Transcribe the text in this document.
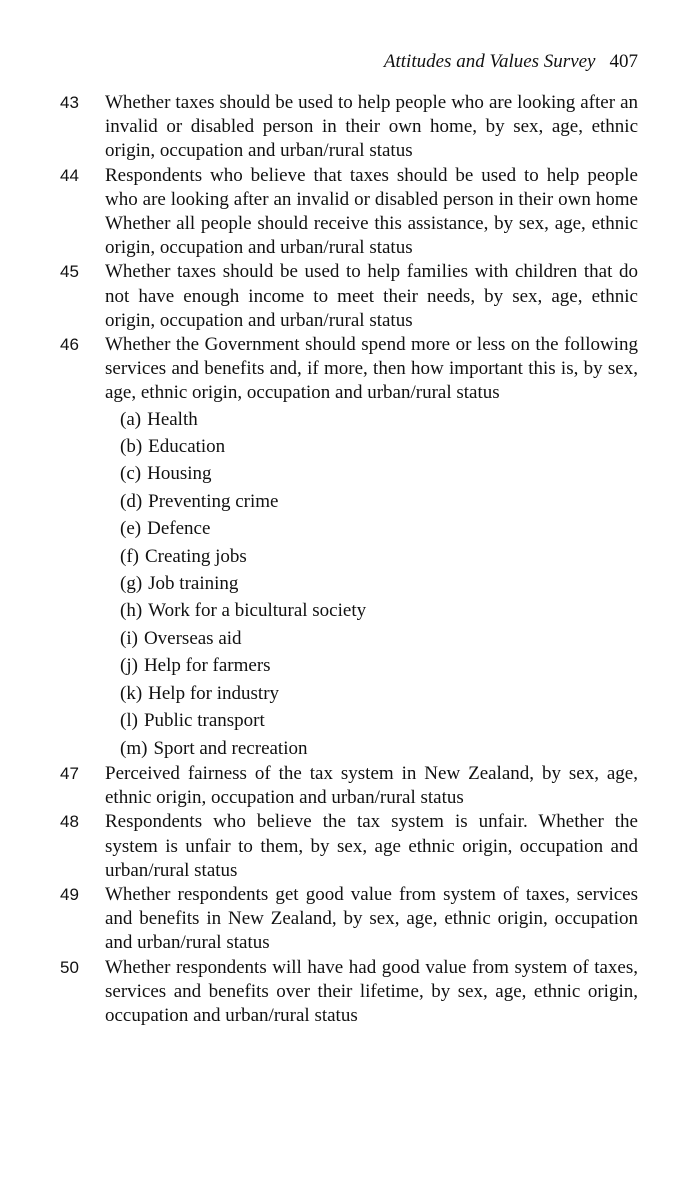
Attitudes and Values Survey 407
43 Whether taxes should be used to help people who are looking after an invalid or disabled person in their own home, by sex, age, ethnic origin, occupation and urban/rural status
44 Respondents who believe that taxes should be used to help people who are looking after an invalid or disabled person in their own home Whether all people should receive this assistance, by sex, age, ethnic origin, occupation and urban/rural status
45 Whether taxes should be used to help families with children that do not have enough income to meet their needs, by sex, age, ethnic origin, occupation and urban/rural status
46 Whether the Government should spend more or less on the following services and benefits and, if more, then how important this is, by sex, age, ethnic origin, occupation and urban/rural status
(a) Health
(b) Education
(c) Housing
(d) Preventing crime
(e) Defence
(f) Creating jobs
(g) Job training
(h) Work for a bicultural society
(i) Overseas aid
(j) Help for farmers
(k) Help for industry
(l) Public transport
(m) Sport and recreation
47 Perceived fairness of the tax system in New Zealand, by sex, age, ethnic origin, occupation and urban/rural status
48 Respondents who believe the tax system is unfair. Whether the system is unfair to them, by sex, age ethnic origin, occupation and urban/rural status
49 Whether respondents get good value from system of taxes, services and benefits in New Zealand, by sex, age, ethnic origin, occupation and urban/rural status
50 Whether respondents will have had good value from system of taxes, services and benefits over their lifetime, by sex, age, ethnic origin, occupation and urban/rural status
